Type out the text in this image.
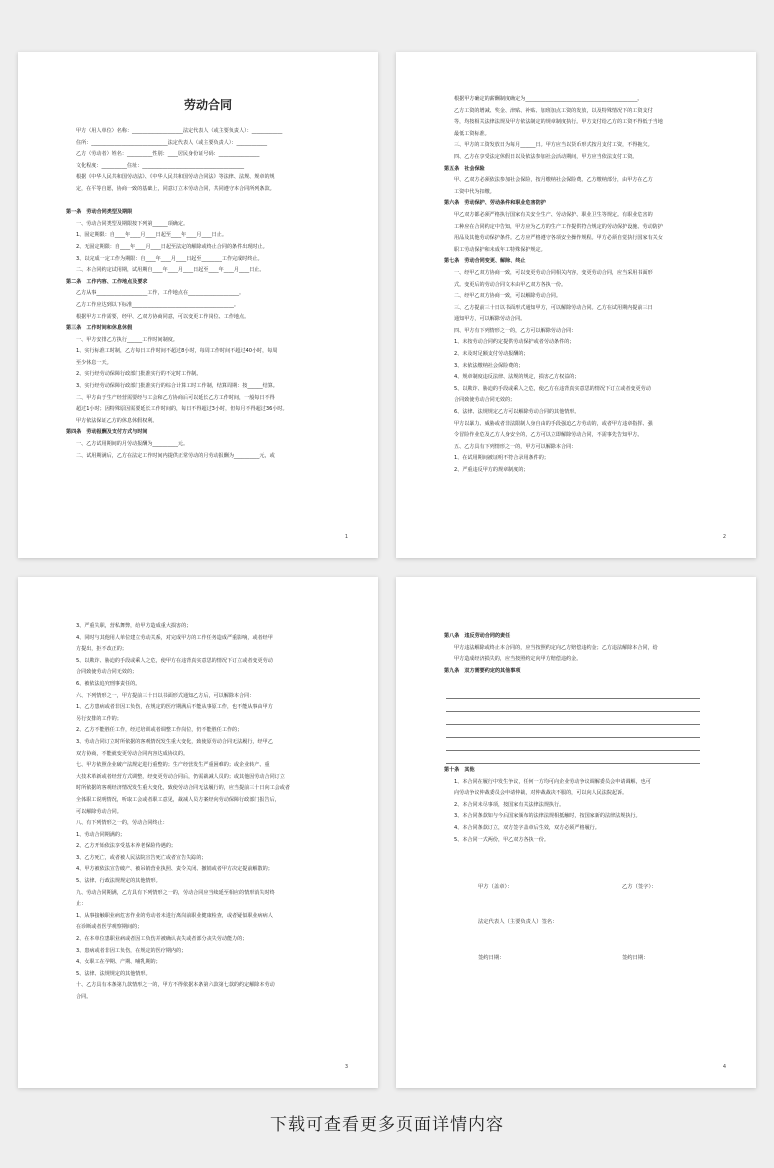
劳动合同

甲方（用人单位）名称：____________________法定代表人（或主要负责人）：____________

住所：______________________________法定代表人（或主要负责人）：____________

乙方（劳动者）姓名：__________性别：____居民身份证号码：________________

文化程度：__________住址：________________________________________

根据《中华人民共和国劳动法》、《中华人民共和国劳动合同法》等法律、法规、规章的规

定，在平等自愿，协商一致的基础上，同意订立本劳动合同，共同遵守本合同所列条款。

第一条　劳动合同类型及期限

一、劳动合同类型及期限按下列第______项确定。

1、固定期限：自____年____月____日起至____年____月____日止。

2、无固定期限：自____年____月____日起至法定的解除或终止合同的条件出现时止。

3、以完成一定工作为期限：自____年____月____日起至________工作完成时终止。

二、本合同约定试用期，试用期自____年____月____日起至____年____月____日止。

第二条　工作内容、工作地点及要求

乙方从事____________________工作，工作地点在____________________。

乙方工作应达到以下标准________________________________________。

根据甲方工作需要，经甲、乙双方协商同意，可以变更工作岗位、工作地点。

第三条　工作时间和休息休假

一、甲方安排乙方执行______工作时间制度。

1、实行标准工时制，乙方每日工作时间不超过8小时，每周工作时间不超过40小时，每周

至少休息一天。

2、实行经劳动保障行政部门批准实行的不定时工作制。

3、实行经劳动保障行政部门批准实行的综合计算工时工作制，结算周期：按______结算。

二、甲方由于生产经营需要经与工会和乙方协商后可以延长乙方工作时间，一般每日不得

超过1小时；因特殊原因需要延长工作时间的，每日不得超过3小时，但每月不得超过36小时。

甲方依法保证乙方的休息休假权利。

第四条　劳动报酬及支付方式与时间

一、乙方试用期间的月劳动报酬为__________元。

二、试用期满后，乙方在法定工作时间内提供正常劳动的月劳动报酬为__________元，或

1

根据甲方确定的薪酬制度确定为____________________________________________。

乙方工资的增减、奖金、津贴、补贴、加班加点工资的发放，以及特殊情况下的工资支付

等，均按相关法律法规及甲方依法制定的规章制度执行。甲方支付给乙方的工资不得低于当地

最低工资标准。

三、甲方的工资发放日为每月______日。甲方应当以货币形式按月支付工资，不得拖欠。

四、乙方在享受法定休假日以及依法参加社会活动期间，甲方应当依法支付工资。

第五条　社会保险

甲、乙双方必须依法参加社会保险，按月缴纳社会保险费。乙方缴纳部分，由甲方在乙方

工资中代为扣缴。

第六条　劳动保护、劳动条件和职业危害防护

甲乙双方都必须严格执行国家有关安全生产、劳动保护、职业卫生等规定。有职业危害的

工种应在合同约定中告知，甲方应为乙方的生产工作提供符合规定的劳动保护设施、劳动防护

用品及其他劳动保护条件。乙方应严格遵守各项安全操作规程。甲方必须自觉执行国家有关女

职工劳动保护和未成年工特殊保护规定。

第七条　劳动合同变更、解除、终止

一、经甲乙双方协商一致，可以变更劳动合同相关内容，变更劳动合同，应当采用书面形

式。变更后的劳动合同文本由甲乙双方各执一份。

二、经甲乙双方协商一致，可以解除劳动合同。

三、乙方提前三十日以书面形式通知甲方，可以解除劳动合同。乙方在试用期内提前三日

通知甲方，可以解除劳动合同。

四、甲方有下列情形之一的，乙方可以解除劳动合同：

1、未按劳动合同约定提供劳动保护或者劳动条件的；

2、未及时足额支付劳动报酬的；

3、未依法缴纳社会保险费的；

4、规章制度违反法律、法规的规定，损害乙方权益的；

5、以欺诈、胁迫的手段或乘人之危，使乙方在违背真实意思的情况下订立或者变更劳动

合同致使劳动合同无效的；

6、法律、法规规定乙方可以解除劳动合同的其他情形。

甲方以暴力、威胁或者非法限制人身自由的手段强迫乙方劳动的，或者甲方违章指挥、强

令冒险作业危及乙方人身安全的，乙方可以立即解除劳动合同，不需事先告知甲方。

五、乙方具有下列情形之一的，甲方可以解除本合同：

1、在试用期间被证明不符合录用条件的；

2、严重违反甲方的规章制度的；

2

3、严重失职，营私舞弊，给甲方造成重大损害的；

4、同时与其他用人单位建立劳动关系，对完成甲方的工作任务造成严重影响，或者经甲

方提出，拒不改正的；

5、以欺诈、胁迫的手段或乘人之危，使甲方在违背真实意思的情况下订立或者变更劳动

合同致使劳动合同无效的；

6、被依法追究刑事责任的。

六、下列情形之一，甲方提前三十日以书面形式通知乙方后，可以解除本合同：

1、乙方患病或者非因工负伤，在规定的医疗期满后不能从事原工作，也不能从事由甲方

另行安排的工作的；

2、乙方不能胜任工作，经过培训或者调整工作岗位，仍不能胜任工作的；

3、劳动合同订立时所依据的客观情况发生重大变化，致使原劳动合同无法履行，经甲乙

双方协商，不能就变更劳动合同内容达成协议的。

七、甲方依照企业破产法规定进行重整的；生产经营发生严重困难的；或企业转产、重

大技术革新或者经营方式调整，经变更劳动合同后，仍需裁减人员的；或其他因劳动合同订立

时所依据的客观经济情况发生重大变化，致使劳动合同无法履行的，应当提前三十日向工会或者

全体职工说明情况，听取工会或者职工意见，裁减人员方案经向劳动保障行政部门报告后，

可以解除劳动合同。

八、有下列情形之一的，劳动合同终止：

1、劳动合同期满的；

2、乙方开始依法享受基本养老保险待遇的；

3、乙方死亡，或者被人民法院宣告死亡或者宣告失踪的；

4、甲方被依法宣告破产、被吊销营业执照、责令关闭、撤销或者甲方决定提前解散的；

5、法律、行政法规规定的其他情形。

九、劳动合同期满，乙方具有下列情形之一的，劳动合同应当续延至相应的情形消失时终

止：

1、从事接触职业病危害作业的劳动者未进行离岗前职业健康检查，或者疑似职业病病人

在诊断或者医学观察期间的；

2、在本单位患职业病或者因工负伤并被确认丧失或者部分丧失劳动能力的；

3、患病或者非因工负伤，在规定的医疗期内的；

4、女职工在孕期、产期、哺乳期的；

5、法律、法规规定的其他情形。

十、乙方具有本条第九款情形之一的，甲方不得依据本条第六款第七款的约定解除本劳动

合同。

3

第八条　违反劳动合同的责任

甲方违法解除或终止本合同的，应当按照约定向乙方赔偿违约金；乙方违法解除本合同，给

甲方造成经济损失的，应当按照约定向甲方赔偿违约金。

第九条　双方需要约定的其他事项

第十条　其他

1、本合同在履行中发生争议，任何一方均可向企业劳动争议调解委员会申请调解，也可

向劳动争议仲裁委员会申请仲裁，对仲裁裁决不服的，可以向人民法院起诉。

2、本合同未尽事项，按国家有关法律法规执行。

3、本合同条款如与今后国家颁布的法律法规相抵触时，按国家新的法律法规执行。

4、本合同条款订立，双方签字盖章后生效，双方必须严格履行。

5、本合同一式两份，甲乙双方各执一份。

甲方（盖章）：	乙方（签字）：
法定代表人（主要负责人）签名：
签约日期：	签约日期：
4
下载可查看更多页面详情内容
